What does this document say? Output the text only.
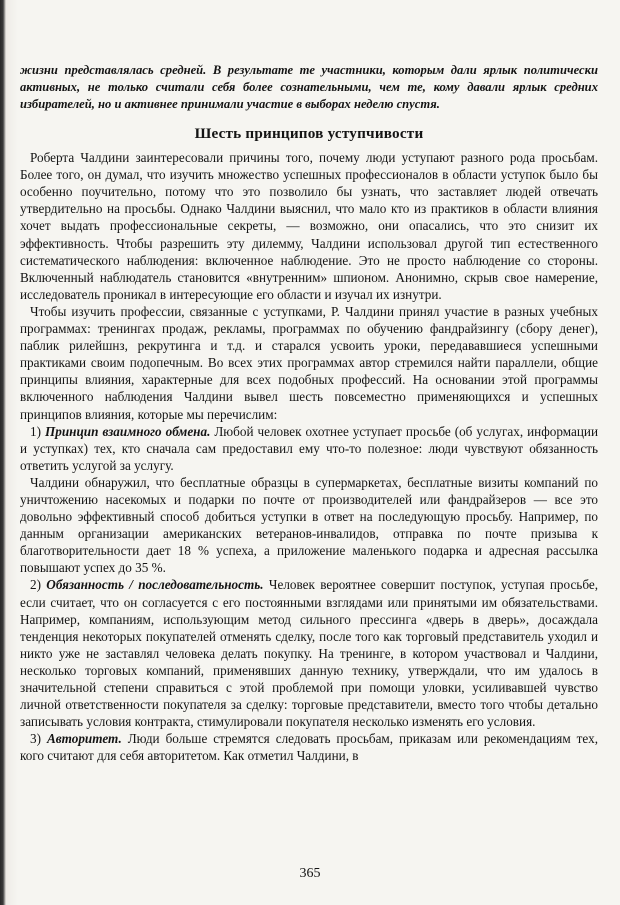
жизни представлялась средней. В результате те участники, которым дали ярлык политически активных, не только считали себя более сознательными, чем те, кому давали ярлык средних избирателей, но и активнее принимали участие в выборах неделю спустя.

Шесть принципов уступчивости

Роберта Чалдини заинтересовали причины того, почему люди уступают разного рода просьбам. Более того, он думал, что изучить множество успешных профессионалов в области уступок было бы особенно поучительно, потому что это позволило бы узнать, что заставляет людей отвечать утвердительно на просьбы. Однако Чалдини выяснил, что мало кто из практиков в области влияния хочет выдать профессиональные секреты, — возможно, они опасались, что это снизит их эффективность. Чтобы разрешить эту дилемму, Чалдини использовал другой тип естественного систематического наблюдения: включенное наблюдение. Это не просто наблюдение со стороны. Включенный наблюдатель становится «внутренним» шпионом. Анонимно, скрыв свое намерение, исследователь проникал в интересующие его области и изучал их изнутри.

Чтобы изучить профессии, связанные с уступками, Р. Чалдини принял участие в разных учебных программах: тренингах продаж, рекламы, программах по обучению фандрайзингу (сбору денег), паблик рилейшнз, рекрутинга и т.д. и старался усвоить уроки, передававшиеся успешными практиками своим подопечным. Во всех этих программах автор стремился найти параллели, общие принципы влияния, характерные для всех подобных профессий. На основании этой программы включенного наблюдения Чалдини вывел шесть повсеместно применяющихся и успешных принципов влияния, которые мы перечислим:

1) Принцип взаимного обмена. Любой человек охотнее уступает просьбе (об услугах, информации и уступках) тех, кто сначала сам предоставил ему что-то полезное: люди чувствуют обязанность ответить услугой за услугу.

Чалдини обнаружил, что бесплатные образцы в супермаркетах, бесплатные визиты компаний по уничтожению насекомых и подарки по почте от производителей или фандрайзеров — все это довольно эффективный способ добиться уступки в ответ на последующую просьбу. Например, по данным организации американских ветеранов-инвалидов, отправка по почте призыва к благотворительности дает 18 % успеха, а приложение маленького подарка и адресная рассылка повышают успех до 35 %.

2) Обязанность / последовательность. Человек вероятнее совершит поступок, уступая просьбе, если считает, что он согласуется с его постоянными взглядами или принятыми им обязательствами. Например, компаниям, использующим метод сильного прессинга «дверь в дверь», досаждала тенденция некоторых покупателей отменять сделку, после того как торговый представитель уходил и никто уже не заставлял человека делать покупку. На тренинге, в котором участвовал и Чалдини, несколько торговых компаний, применявших данную технику, утверждали, что им удалось в значительной степени справиться с этой проблемой при помощи уловки, усиливавшей чувство личной ответственности покупателя за сделку: торговые представители, вместо того чтобы детально записывать условия контракта, стимулировали покупателя несколько изменять его условия.

3) Авторитет. Люди больше стремятся следовать просьбам, приказам или рекомендациям тех, кого считают для себя авторитетом. Как отметил Чалдини, в

365
